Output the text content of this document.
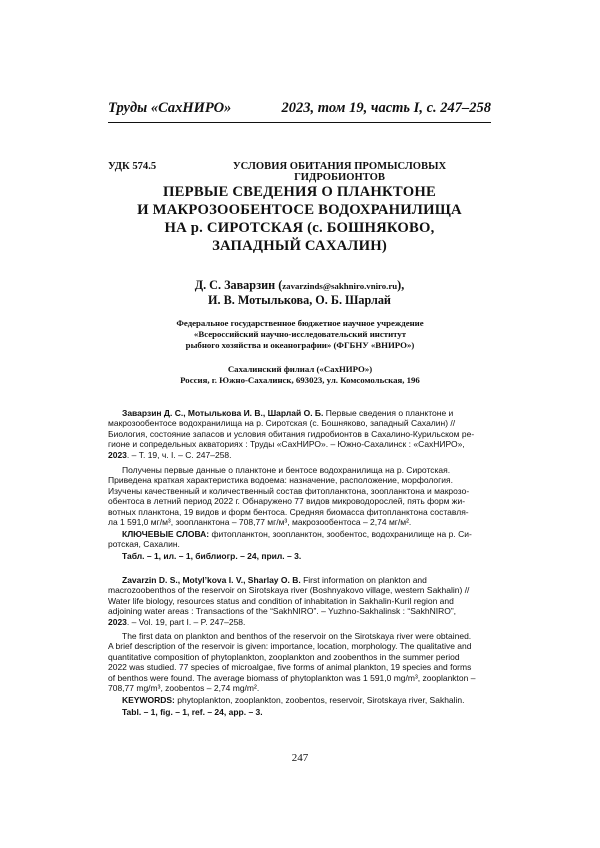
Труды «СахНИРО»	2023, том 19, часть I, с. 247–258
УДК 574.5	УСЛОВИЯ ОБИТАНИЯ ПРОМЫСЛОВЫХ ГИДРОБИОНТОВ
ПЕРВЫЕ СВЕДЕНИЯ О ПЛАНКТОНЕ
И МАКРОЗООБЕНТОСЕ ВОДОХРАНИЛИЩА
НА р. СИРОТСКАЯ (с. БОШНЯКОВО,
ЗАПАДНЫЙ САХАЛИН)
Д. С. Заварзин (zavarzinds@sakhniro.vniro.ru),
И. В. Мотылькова, О. Б. Шарлай
Федеральное государственное бюджетное научное учреждение
«Всероссийский научно-исследовательский институт
рыбного хозяйства и океанографии» (ФГБНУ «ВНИРО»)
Сахалинский филиал («СахНИРО»)
Россия, г. Южно-Сахалинск, 693023, ул. Комсомольская, 196
Заварзин Д. С., Мотылькова И. В., Шарлай О. Б. Первые сведения о планктоне и
макрозообентосе водохранилища на р. Сиротская (с. Бошняково, западный Сахалин) //
Биология, состояние запасов и условия обитания гидробионтов в Сахалино-Курильском ре-
гионе и сопредельных акваториях : Труды «СахНИРО». – Южно-Сахалинск : «СахНИРО»,
2023. – Т. 19, ч. I. – С. 247–258.
Получены первые данные о планктоне и бентосе водохранилища на р. Сиротская.
Приведена краткая характеристика водоема: назначение, расположение, морфология.
Изучены качественный и количественный состав фитопланктона, зоопланктона и макрозо-
обентоса в летний период 2022 г. Обнаружено 77 видов микроводорослей, пять форм жи-
вотных планктона, 19 видов и форм бентоса. Средняя биомасса фитопланктона составля-
ла 1 591,0 мг/м³, зоопланктона – 708,77 мг/м³, макрозообентоса – 2,74 мг/м².
КЛЮЧЕВЫЕ СЛОВА: фитопланктон, зоопланктон, зообентос, водохранилище на р. Си-
ротская, Сахалин.
Табл. – 1, ил. – 1, библиогр. – 24, прил. – 3.
Zavarzin D. S., Motyl’kova I. V., Sharlay O. B. First information on plankton and
macrozoobenthos of the reservoir on Sirotskaya river (Boshnyakovo village, western Sakhalin) //
Water life biology, resources status and condition of inhabitation in Sakhalin-Kuril region and
adjoining water areas : Transactions of the “SakhNIRO”. – Yuzhno-Sakhalinsk : “SakhNIRO”,
2023. – Vol. 19, part I. – P. 247–258.
The first data on plankton and benthos of the reservoir on the Sirotskaya river were obtained.
A brief description of the reservoir is given: importance, location, morphology. The qualitative and
quantitative composition of phytoplankton, zooplankton and zoobenthos in the summer period
2022 was studied. 77 species of microalgae, five forms of animal plankton, 19 species and forms
of benthos were found. The average biomass of phytoplankton was 1 591,0 mg/m³, zooplankton –
708,77 mg/m³, zoobentos – 2,74 mg/m².
KEYWORDS: phytoplankton, zooplankton, zoobentos, reservoir, Sirotskaya river, Sakhalin.
Tabl. – 1, fig. – 1, ref. – 24, app. – 3.
247
